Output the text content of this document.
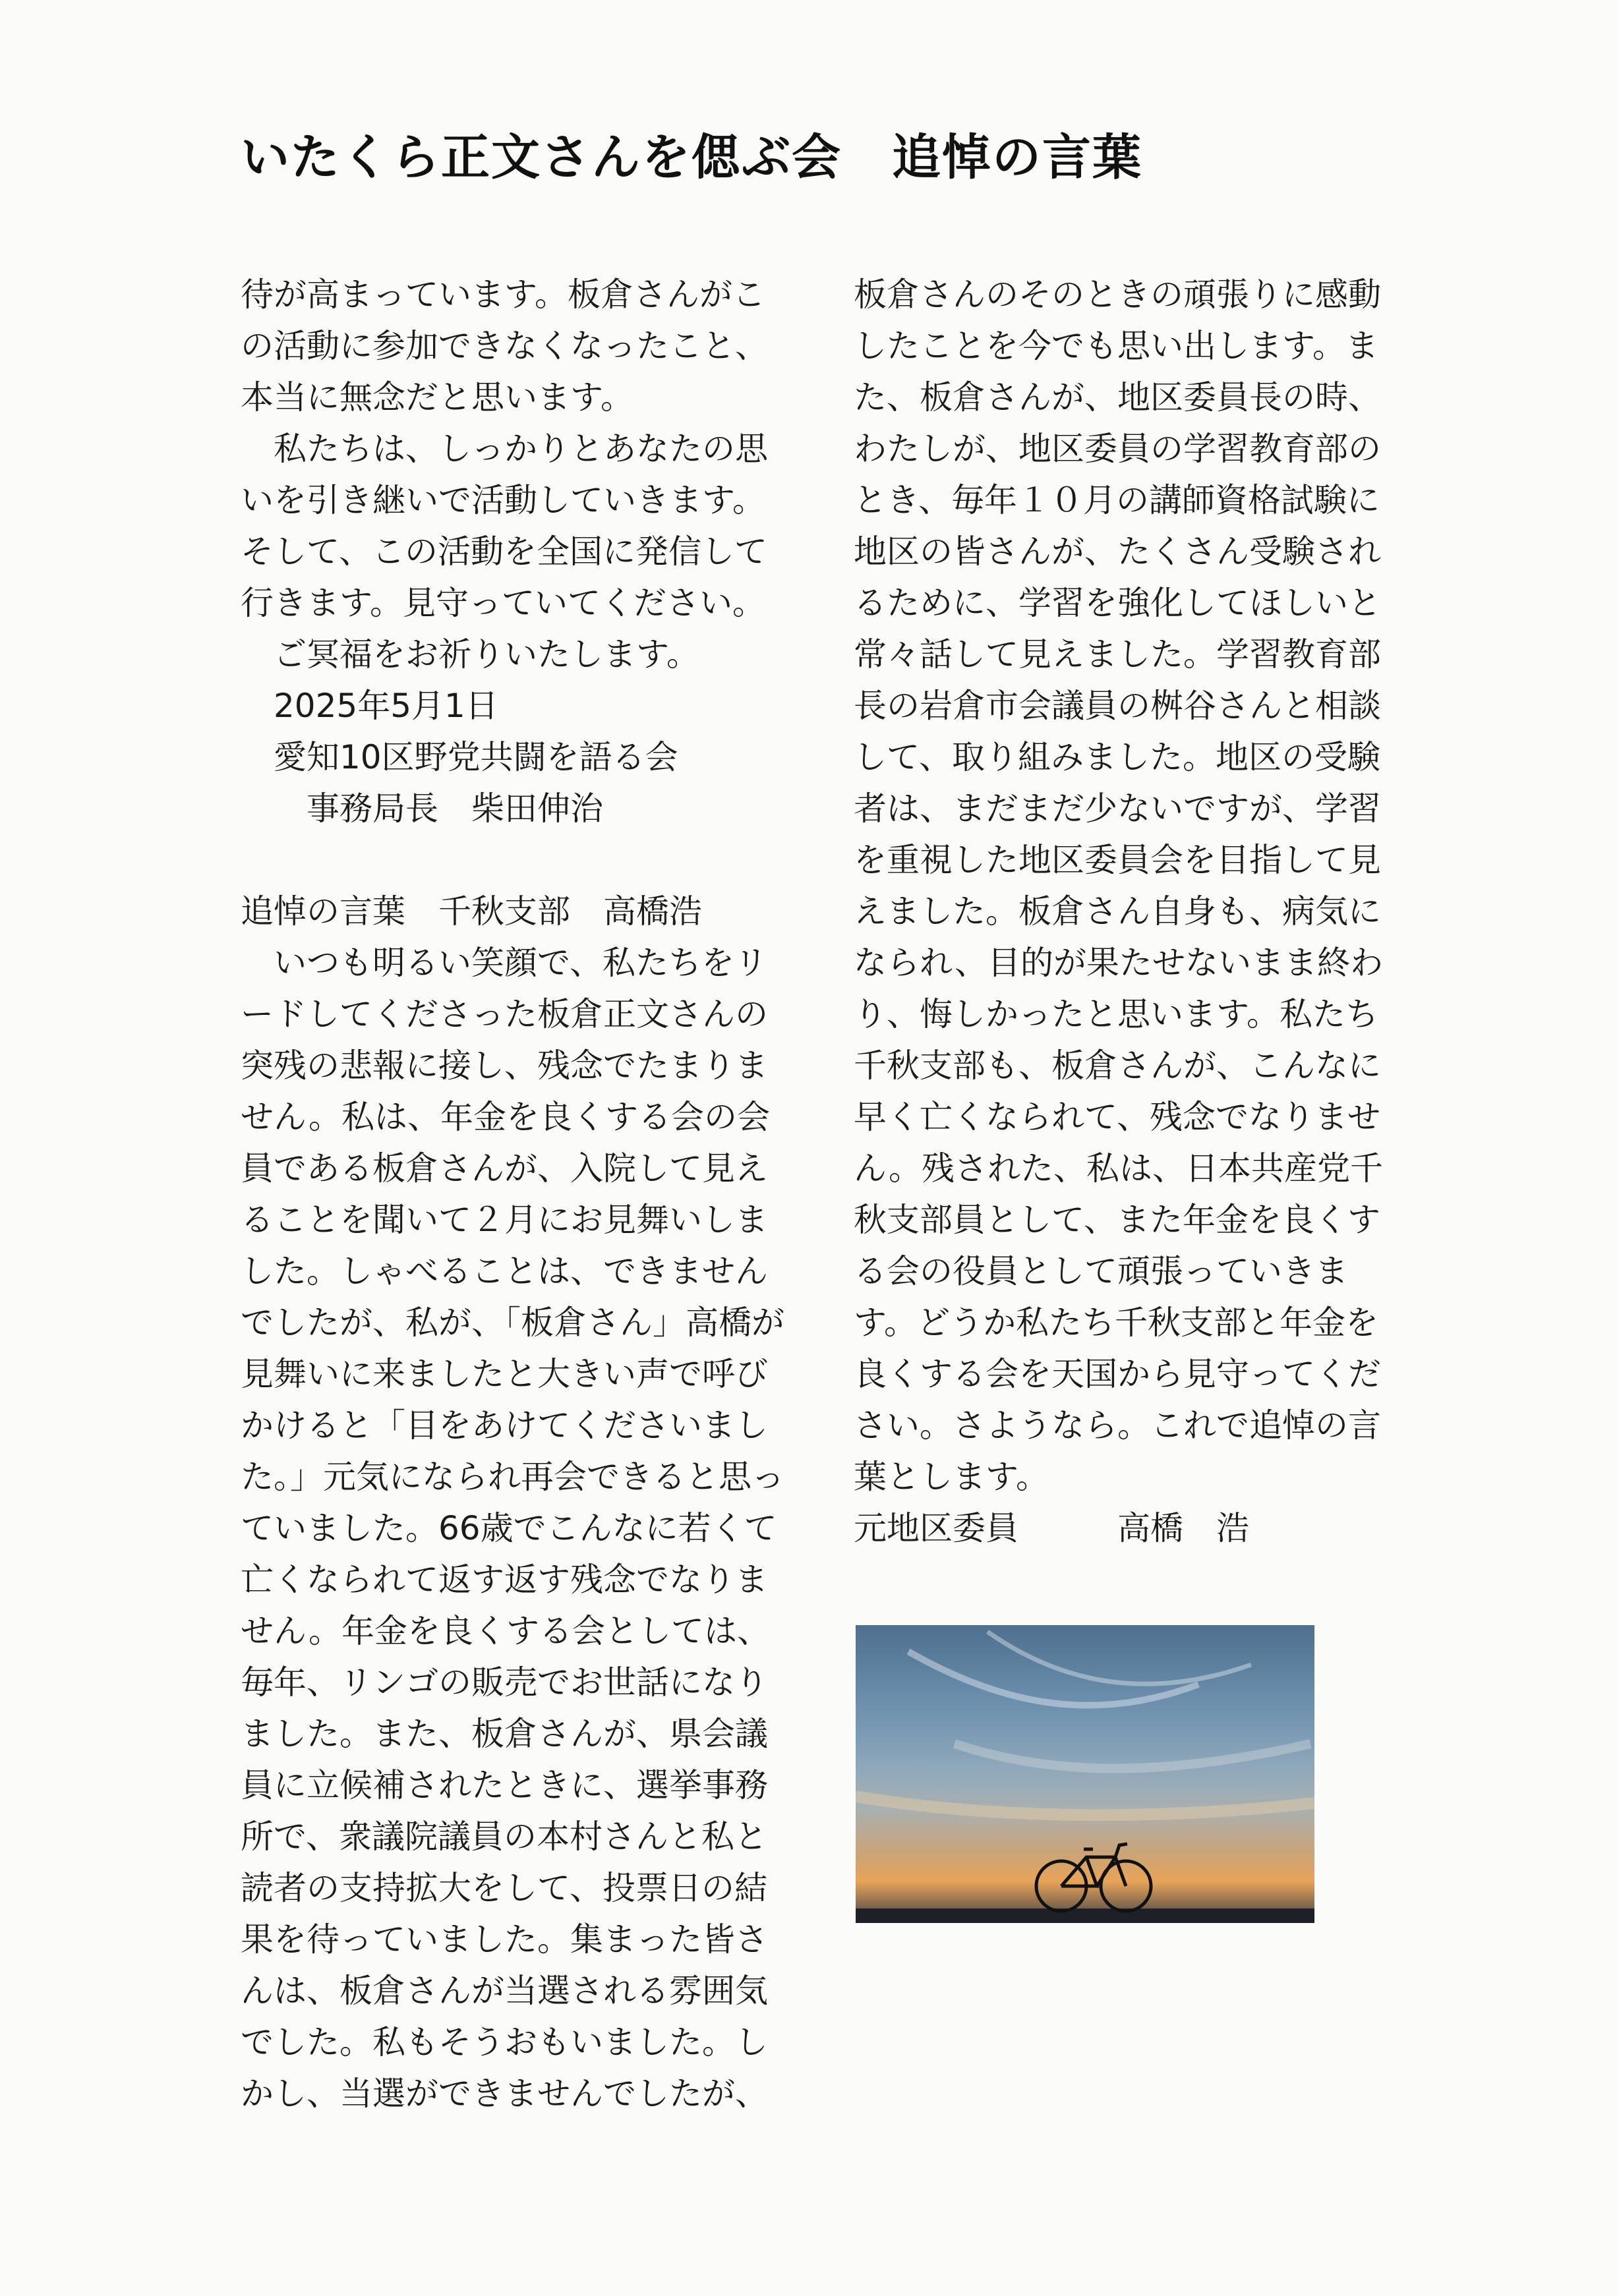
いたくら正文さんを偲ぶ会　追悼の言葉
待が高まっています。板倉さんがこ
の活動に参加できなくなったこと、
本当に無念だと思います。
　私たちは、しっかりとあなたの思
いを引き継いで活動していきます。
そして、この活動を全国に発信して
行きます。見守っていてください。
　ご冥福をお祈りいたします。
　2025年5月1日
　愛知10区野党共闘を語る会
　　事務局長　柴田伸治
追悼の言葉　千秋支部　高橋浩
　いつも明るい笑顔で、私たちをリ
ードしてくださった板倉正文さんの
突残の悲報に接し、残念でたまりま
せん。私は、年金を良くする会の会
員である板倉さんが、入院して見え
ることを聞いて２月にお見舞いしま
した。しゃべることは、できません
でしたが、私が、「板倉さん」高橋が
見舞いに来ましたと大きい声で呼び
かけると「目をあけてくださいまし
た。」元気になられ再会できると思っ
ていました。66歳でこんなに若くて
亡くなられて返す返す残念でなりま
せん。年金を良くする会としては、
毎年、リンゴの販売でお世話になり
ました。また、板倉さんが、県会議
員に立候補されたときに、選挙事務
所で、衆議院議員の本村さんと私と
読者の支持拡大をして、投票日の結
果を待っていました。集まった皆さ
んは、板倉さんが当選される雰囲気
でした。私もそうおもいました。し
かし、当選ができませんでしたが、
板倉さんのそのときの頑張りに感動
したことを今でも思い出します。ま
た、板倉さんが、地区委員長の時、
わたしが、地区委員の学習教育部の
とき、毎年１０月の講師資格試験に
地区の皆さんが、たくさん受験され
るために、学習を強化してほしいと
常々話して見えました。学習教育部
長の岩倉市会議員の桝谷さんと相談
して、取り組みました。地区の受験
者は、まだまだ少ないですが、学習
を重視した地区委員会を目指して見
えました。板倉さん自身も、病気に
なられ、目的が果たせないまま終わ
り、悔しかったと思います。私たち
千秋支部も、板倉さんが、こんなに
早く亡くなられて、残念でなりませ
ん。残された、私は、日本共産党千
秋支部員として、また年金を良くす
る会の役員として頑張っていきま
す。どうか私たち千秋支部と年金を
良くする会を天国から見守ってくだ
さい。さようなら。これで追悼の言
葉とします。
元地区委員　　　高橋　浩
